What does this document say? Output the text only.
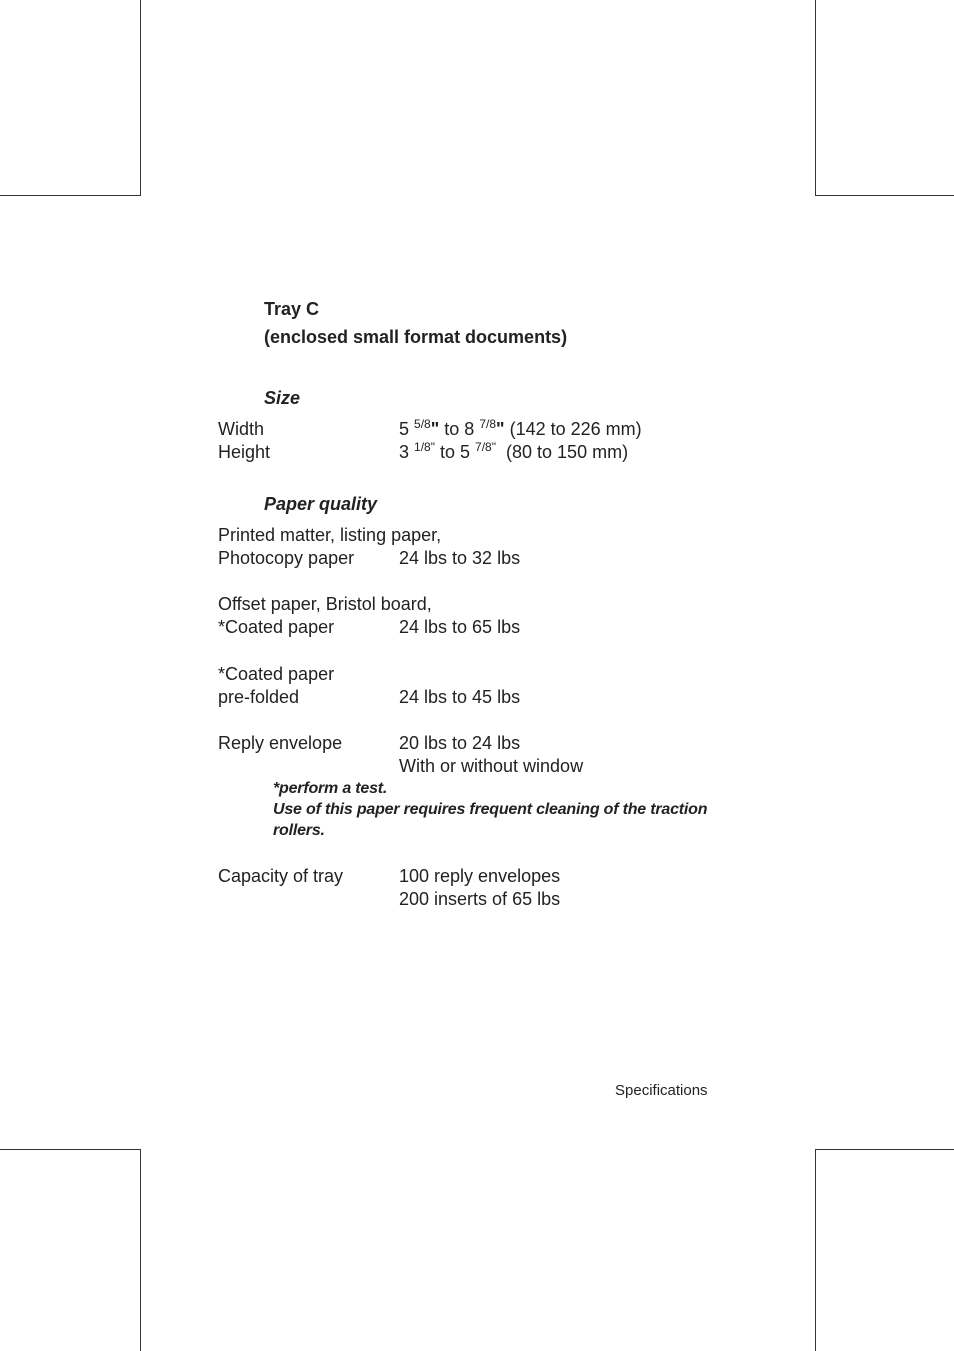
Tray C
(enclosed small format documents)
Size
Width	5 $^{5/8}$" to 8 $^{7/8}$" (142 to 226 mm)
Height	3 $^{1/8"}$ to 5 $^{7/8"}$ (80 to 150 mm)
Paper quality
Printed matter, listing paper,
Photocopy paper 24 lbs to 32 lbs
Offset paper, Bristol board,
*Coated paper	24 lbs to 65 lbs
*Coated paper
pre-folded	24 lbs to 45 lbs
Reply envelope	20 lbs to 24 lbs
With or without window
*perform a test.
Use of this paper requires frequent cleaning of the traction
rollers.
Capacity of tray	100 reply envelopes
200 inserts of 65 lbs
Specifications
